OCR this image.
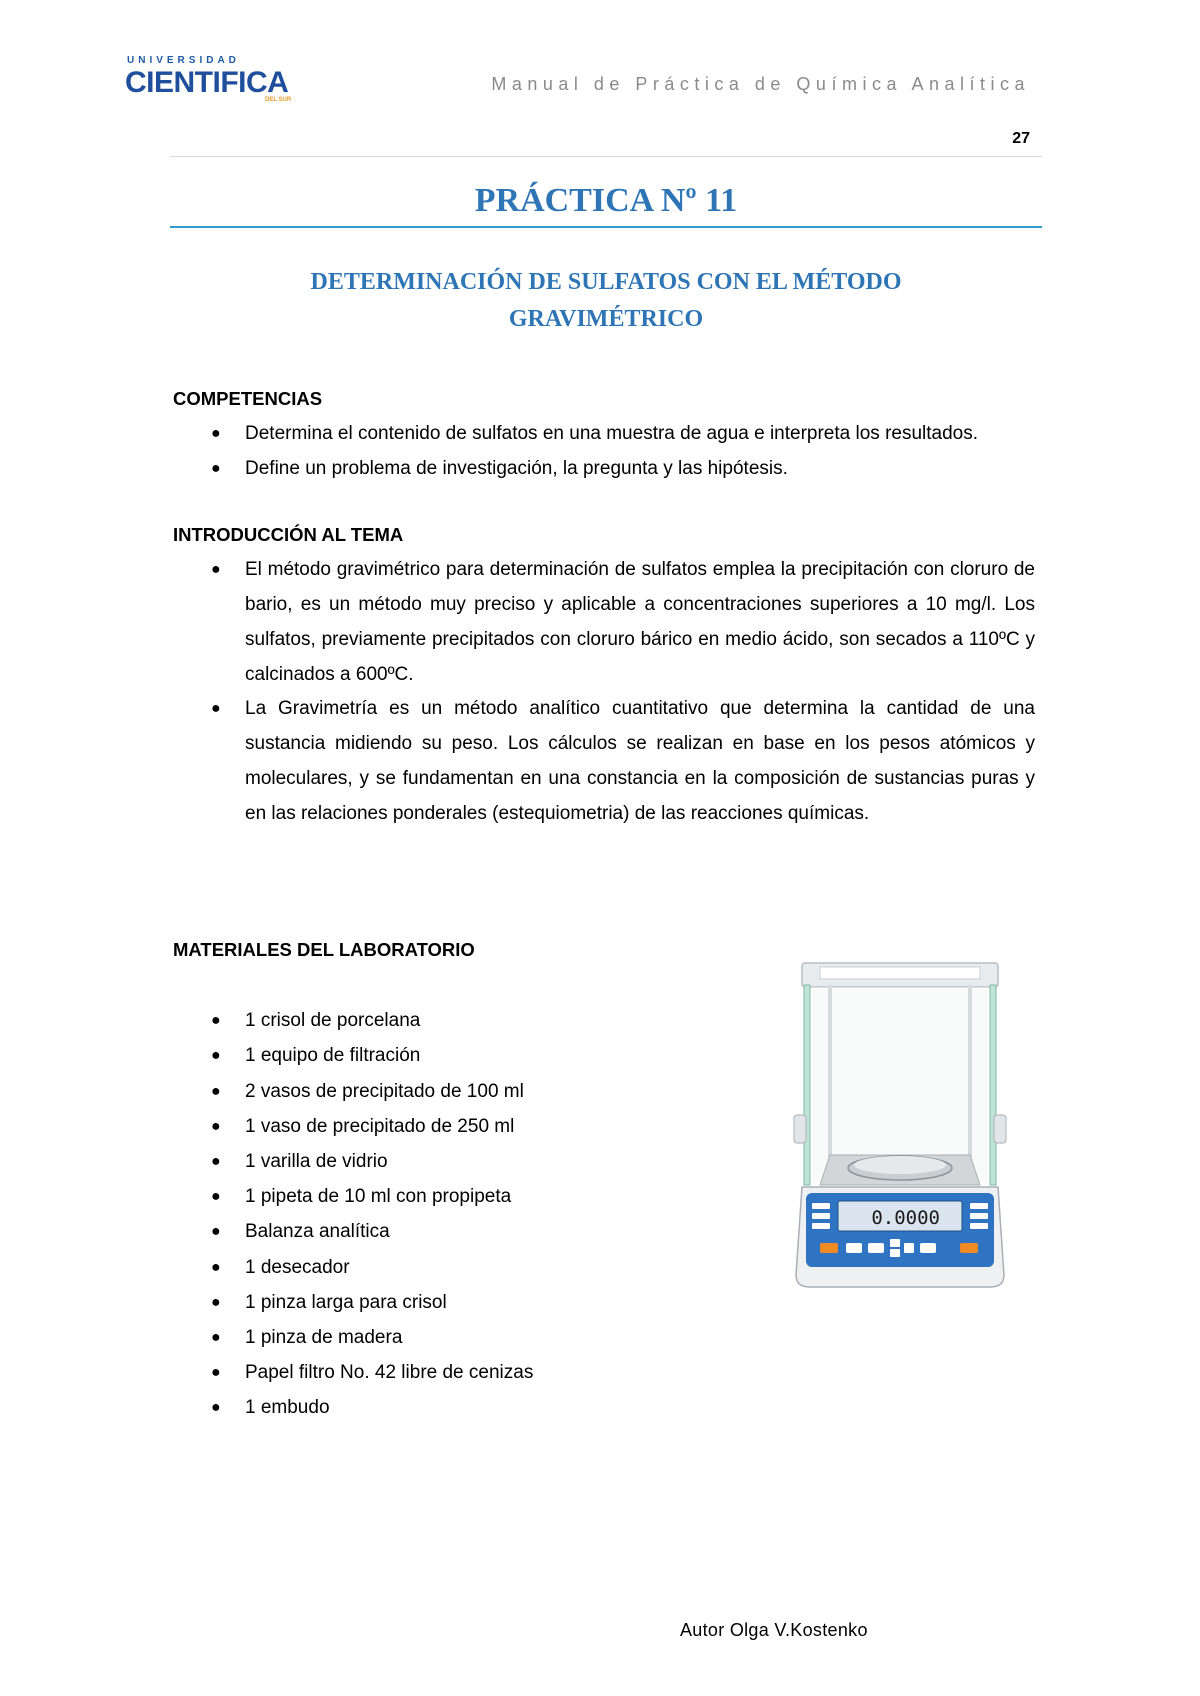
UNIVERSIDAD
CIENTIFICA
DEL SUR
Manual de Práctica de Química Analítica
27
PRÁCTICA Nº 11
DETERMINACIÓN DE SULFATOS CON EL MÉTODO
GRAVIMÉTRICO
COMPETENCIAS
● Determina el contenido de sulfatos en una muestra de agua e interpreta los resultados.
● Define un problema de investigación, la pregunta y las hipótesis.
INTRODUCCIÓN AL TEMA
● El método gravimétrico para determinación de sulfatos emplea la precipitación con cloruro de bario, es un método muy preciso y aplicable a concentraciones superiores a 10 mg/l. Los sulfatos, previamente precipitados con cloruro bárico en medio ácido, son secados a 110ºC y calcinados a 600ºC.
● La Gravimetría es un método analítico cuantitativo que determina la cantidad de una sustancia midiendo su peso. Los cálculos se realizan en base en los pesos atómicos y moleculares, y se fundamentan en una constancia en la composición de sustancias puras y en las relaciones ponderales (estequiometria) de las reacciones químicas.
MATERIALES DEL LABORATORIO
● 1 crisol de porcelana
● 1 equipo de filtración
● 2 vasos de precipitado de 100 ml
● 1 vaso de precipitado de 250 ml
● 1 varilla de vidrio
● 1 pipeta de 10 ml con propipeta
● Balanza analítica
● 1 desecador
● 1 pinza larga para crisol
● 1 pinza de madera
● Papel filtro No. 42 libre de cenizas
● 1 embudo
0.0000
Autor Olga V.Kostenko
